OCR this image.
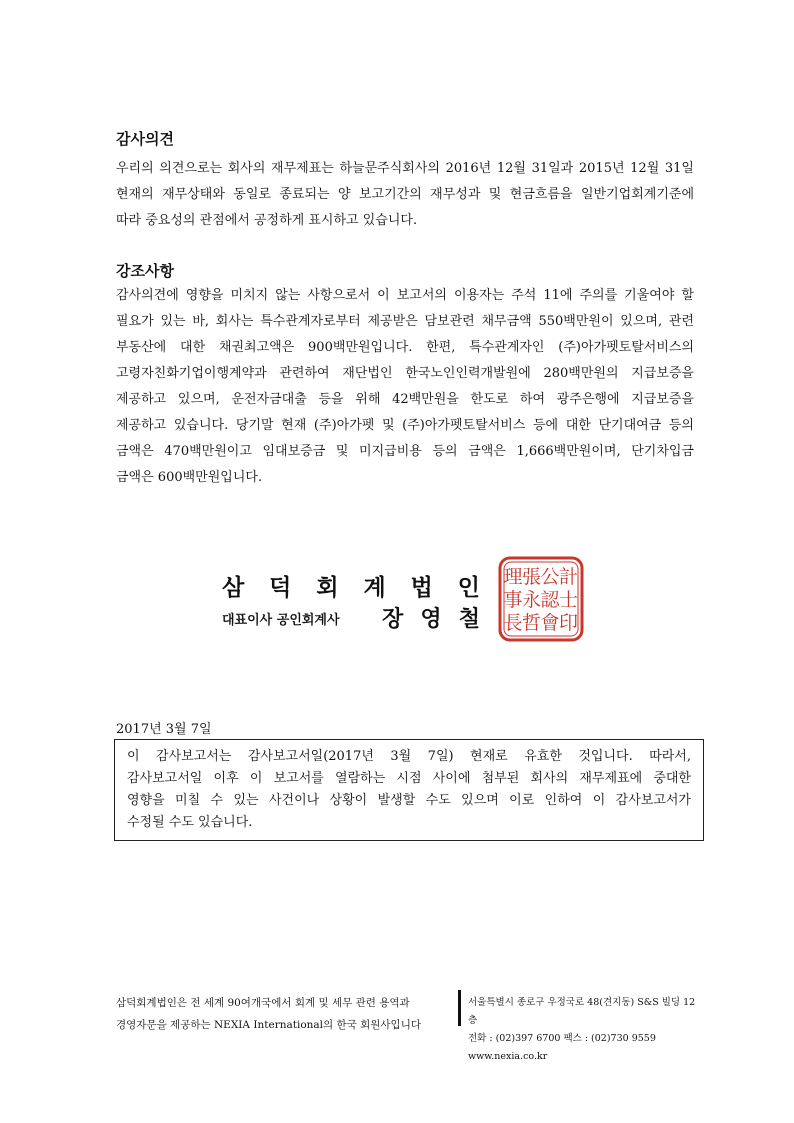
감사의견
우리의 의견으로는 회사의 재무제표는 하늘문주식회사의 2016년 12월 31일과 2015년 12월 31일
현재의 재무상태와 동일로 종료되는 양 보고기간의 재무성과 및 현금흐름을 일반기업회계기준에
따라 중요성의 관점에서 공정하게 표시하고 있습니다.
강조사항
감사의견에 영향을 미치지 않는 사항으로서 이 보고서의 이용자는 주석 11에 주의를 기울여야 할
필요가 있는 바, 회사는 특수관계자로부터 제공받은 담보관련 채무금액 550백만원이 있으며, 관련
부동산에 대한 채권최고액은 900백만원입니다. 한편, 특수관계자인 (주)아가펫토탈서비스의
고령자친화기업이행계약과 관련하여 재단법인 한국노인인력개발원에 280백만원의 지급보증을
제공하고 있으며, 운전자금대출 등을 위해 42백만원을 한도로 하여 광주은행에 지급보증을
제공하고 있습니다. 당기말 현재 (주)아가펫 및 (주)아가펫토탈서비스 등에 대한 단기대여금 등의
금액은 470백만원이고 임대보증금 및 미지급비용 등의 금액은 1,666백만원이며, 단기차입금
금액은 600백만원입니다.
삼 덕 회 계 법 인
대표이사 공인회계사 장 영 철
理
事
長
張
永
哲
公
認
會
計
士
印
2017년 3월 7일
이 감사보고서는 감사보고서일(2017년 3월 7일) 현재로 유효한 것입니다. 따라서,
감사보고서일 이후 이 보고서를 열람하는 시점 사이에 첨부된 회사의 재무제표에 중대한
영향을 미칠 수 있는 사건이나 상황이 발생할 수도 있으며 이로 인하여 이 감사보고서가
수정될 수도 있습니다.
삼덕회계법인은 전 세계 90여개국에서 회계 및 세무 관련 용역과
경영자문을 제공하는 NEXIA International의 한국 회원사입니다
서울특별시 종로구 우정국로 48(견지동) S&S 빌딩 12층
전화 : (02)397 6700 팩스 : (02)730 9559 www.nexia.co.kr
